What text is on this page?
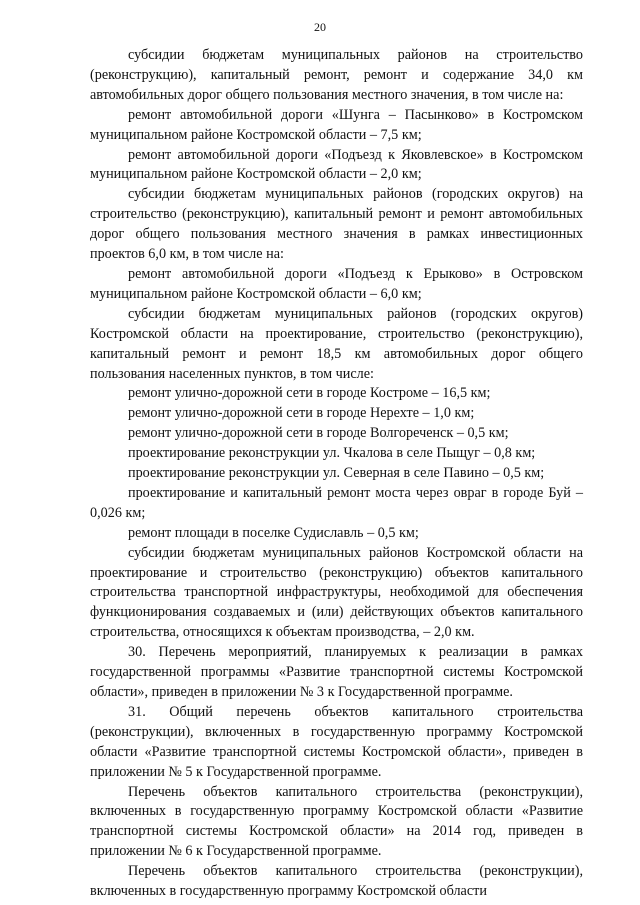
20

субсидии бюджетам муниципальных районов на строительство (реконструкцию), капитальный ремонт, ремонт и содержание 34,0 км автомобильных дорог общего пользования местного значения, в том числе на:

ремонт автомобильной дороги «Шунга – Пасынково» в Костромском муниципальном районе Костромской области – 7,5 км;

ремонт автомобильной дороги «Подъезд к Яковлевское» в Костромском муниципальном районе Костромской области – 2,0 км;

субсидии бюджетам муниципальных районов (городских округов) на строительство (реконструкцию), капитальный ремонт и ремонт автомобильных дорог общего пользования местного значения в рамках инвестиционных проектов 6,0 км, в том числе на:

ремонт автомобильной дороги «Подъезд к Ерыково» в Островском муниципальном районе Костромской области – 6,0 км;

субсидии бюджетам муниципальных районов (городских округов) Костромской области на проектирование, строительство (реконструкцию), капитальный ремонт и ремонт 18,5 км автомобильных дорог общего пользования населенных пунктов, в том числе:

ремонт улично-дорожной сети в городе Костроме – 16,5 км;

ремонт улично-дорожной сети в городе Нерехте – 1,0 км;

ремонт улично-дорожной сети в городе Волгореченск – 0,5 км;

проектирование реконструкции ул. Чкалова в селе Пыщуг – 0,8 км;

проектирование реконструкции ул. Северная в селе Павино – 0,5 км;

проектирование и капитальный ремонт моста через овраг в городе Буй – 0,026 км;

ремонт площади в поселке Судиславль – 0,5 км;

субсидии бюджетам муниципальных районов Костромской области на проектирование и строительство (реконструкцию) объектов капитального строительства транспортной инфраструктуры, необходимой для обеспечения функционирования создаваемых и (или) действующих объектов капитального строительства, относящихся к объектам производства, – 2,0 км.

30. Перечень мероприятий, планируемых к реализации в рамках государственной программы «Развитие транспортной системы Костромской области», приведен в приложении № 3 к Государственной программе.

31. Общий перечень объектов капитального строительства (реконструкции), включенных в государственную программу Костромской области «Развитие транспортной системы Костромской области», приведен в приложении № 5 к Государственной программе.

Перечень объектов капитального строительства (реконструкции), включенных в государственную программу Костромской области «Развитие транспортной системы Костромской области» на 2014 год, приведен в приложении № 6 к Государственной программе.

Перечень объектов капитального строительства (реконструкции), включенных в государственную программу Костромской области
